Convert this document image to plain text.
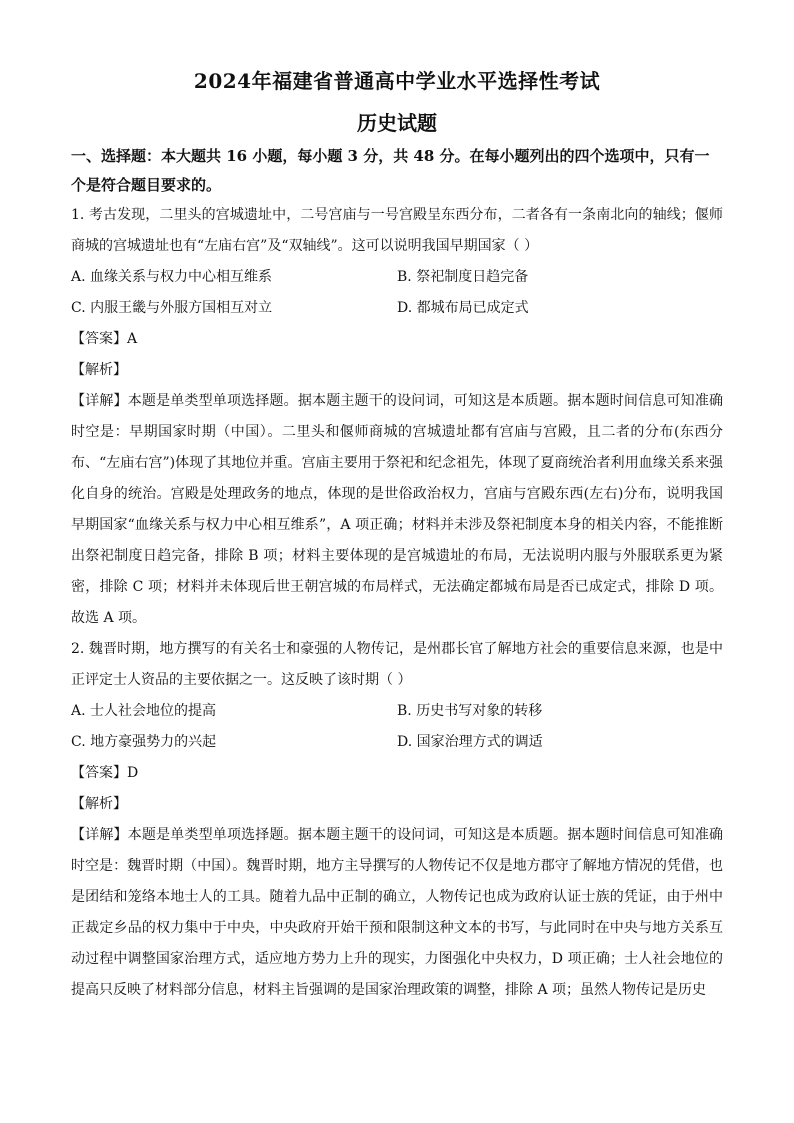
2024年福建省普通高中学业水平选择性考试
历史试题

一、选择题：本大题共 16 小题，每小题 3 分，共 48 分。在每小题列出的四个选项中，只有一个是符合题目要求的。

1. 考古发现，二里头的宫城遗址中，二号宫庙与一号宫殿呈东西分布，二者各有一条南北向的轴线；偃师商城的宫城遗址也有“左庙右宫”及“双轴线”。这可以说明我国早期国家（ ）

A. 血缘关系与权力中心相互维系	B. 祭祀制度日趋完备
C. 内服王畿与外服方国相互对立	D. 都城布局已成定式

【答案】A

【解析】

【详解】本题是单类型单项选择题。据本题主题干的设问词，可知这是本质题。据本题时间信息可知准确时空是：早期国家时期（中国）。二里头和偃师商城的宫城遗址都有宫庙与宫殿，且二者的分布(东西分布、“左庙右宫”)体现了其地位并重。宫庙主要用于祭祀和纪念祖先，体现了夏商统治者利用血缘关系来强化自身的统治。宫殿是处理政务的地点，体现的是世俗政治权力，宫庙与宫殿东西(左右)分布，说明我国早期国家“血缘关系与权力中心相互维系”，A 项正确；材料并未涉及祭祀制度本身的相关内容，不能推断出祭祀制度日趋完备，排除 B 项；材料主要体现的是宫城遗址的布局，无法说明内服与外服联系更为紧密，排除 C 项；材料并未体现后世王朝宫城的布局样式，无法确定都城布局是否已成定式，排除 D 项。故选 A 项。

2. 魏晋时期，地方撰写的有关名士和豪强的人物传记，是州郡长官了解地方社会的重要信息来源，也是中正评定士人资品的主要依据之一。这反映了该时期（ ）

A. 士人社会地位的提高	B. 历史书写对象的转移
C. 地方豪强势力的兴起	D. 国家治理方式的调适

【答案】D

【解析】

【详解】本题是单类型单项选择题。据本题主题干的设问词，可知这是本质题。据本题时间信息可知准确时空是：魏晋时期（中国）。魏晋时期，地方主导撰写的人物传记不仅是地方郡守了解地方情况的凭借，也是团结和笼络本地士人的工具。随着九品中正制的确立，人物传记也成为政府认证士族的凭证，由于州中正裁定乡品的权力集中于中央，中央政府开始干预和限制这种文本的书写，与此同时在中央与地方关系互动过程中调整国家治理方式，适应地方势力上升的现实，力图强化中央权力，D 项正确；士人社会地位的提高只反映了材料部分信息，材料主旨强调的是国家治理政策的调整，排除 A 项；虽然人物传记是历史
